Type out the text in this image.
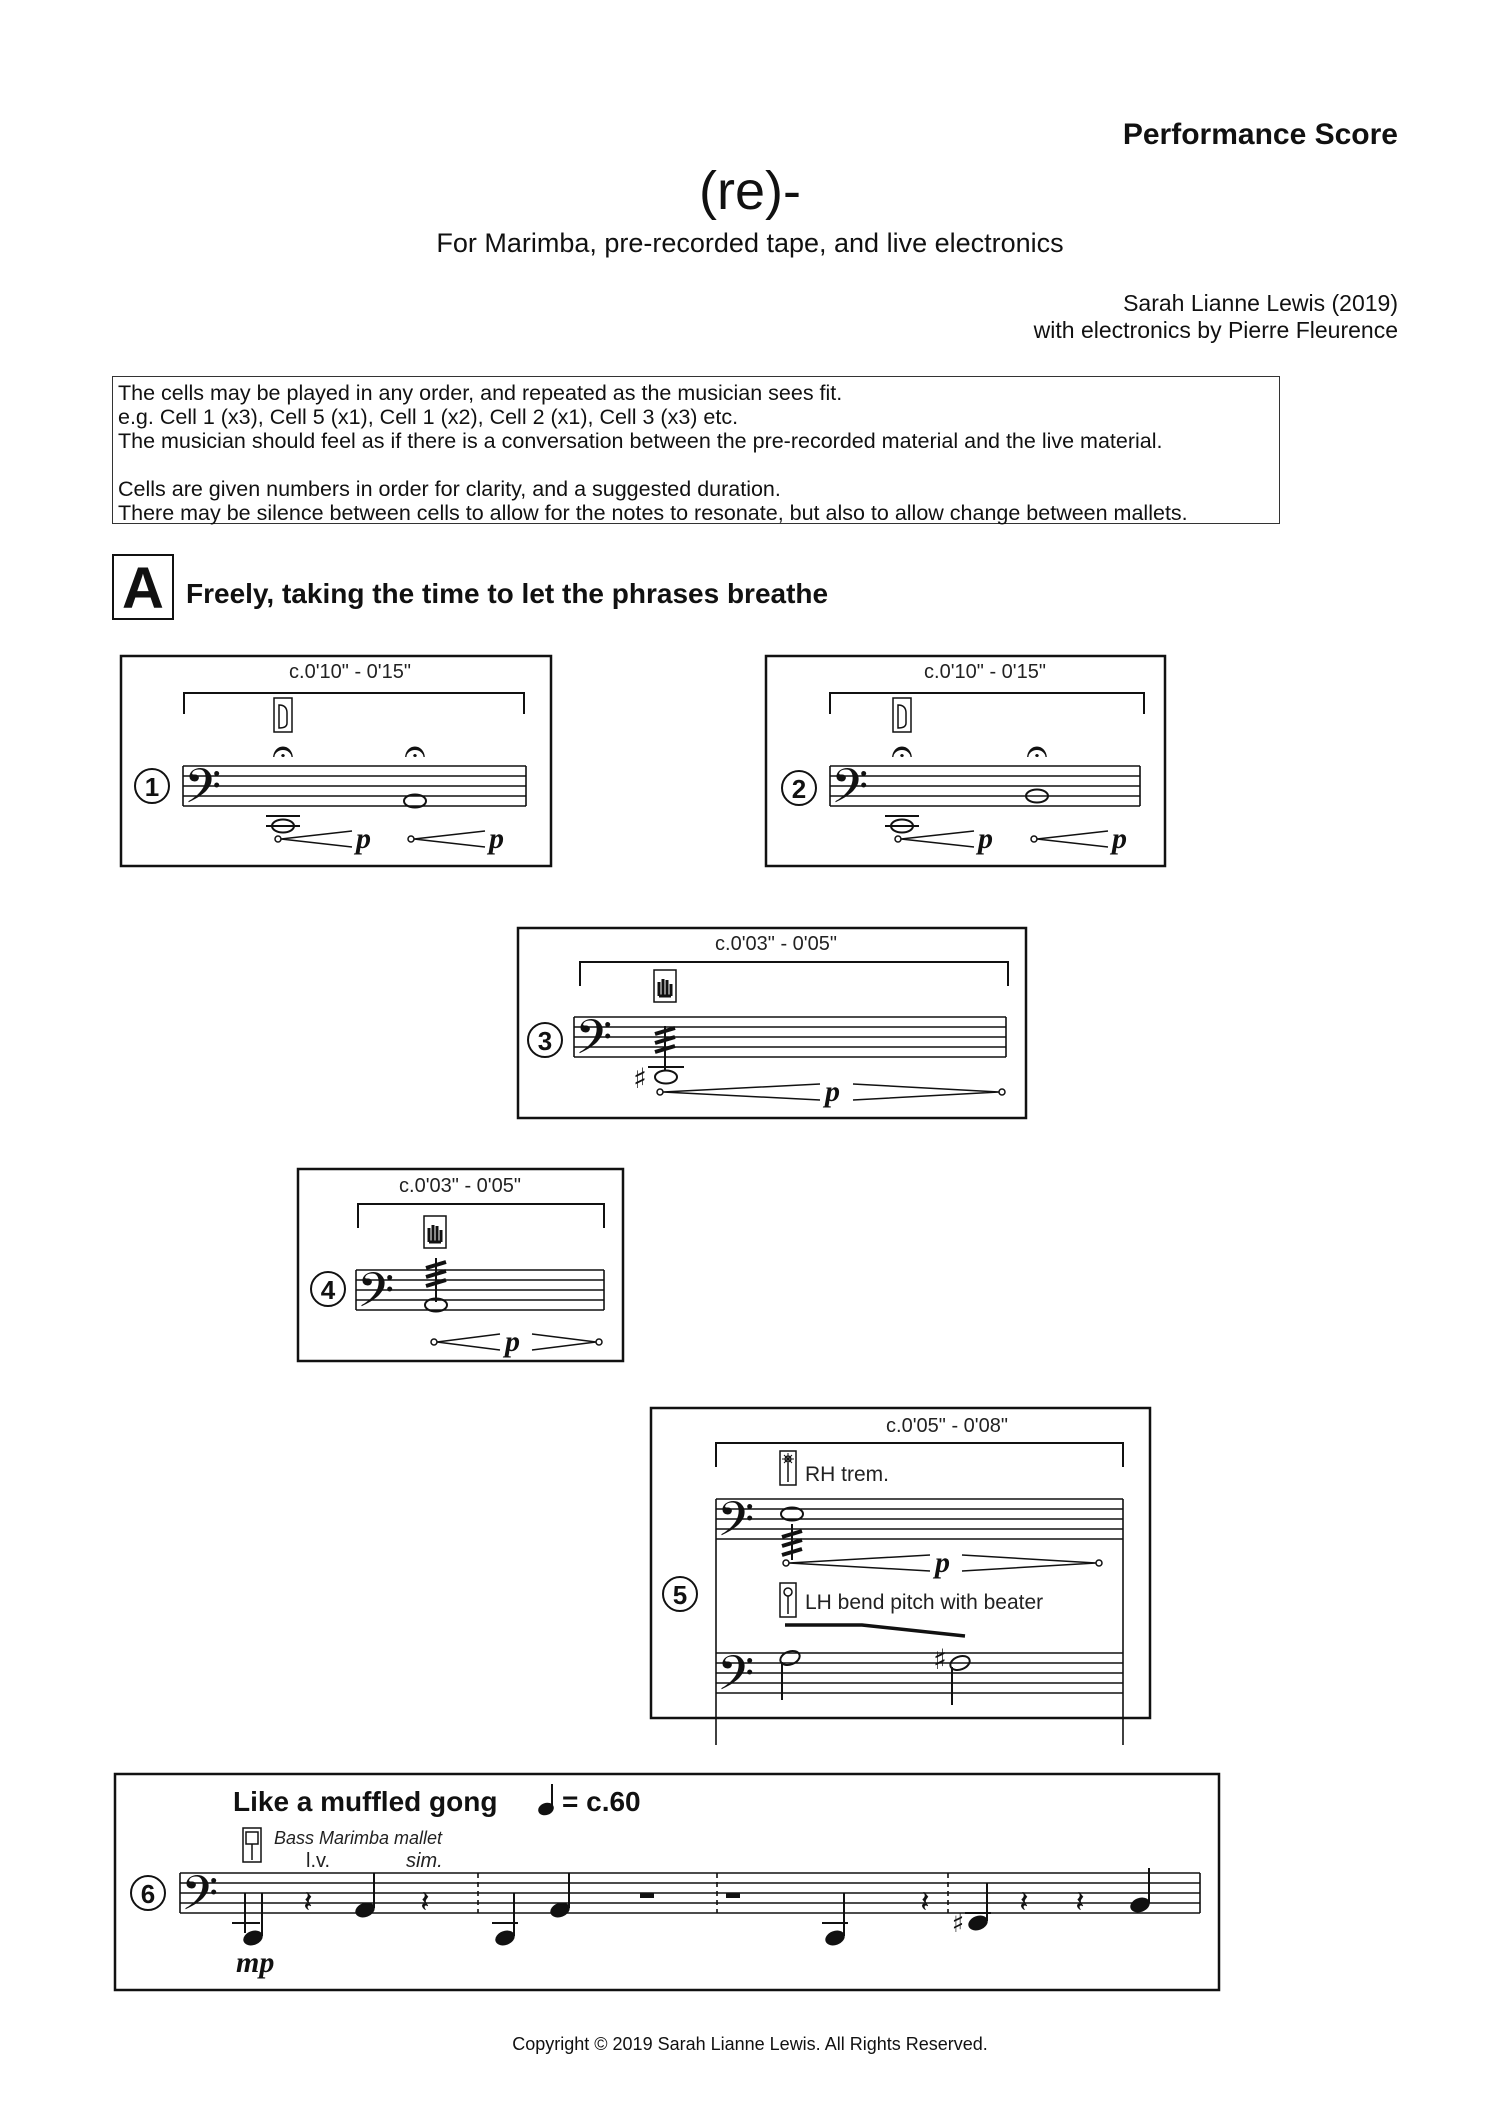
Performance Score
(re)-
For Marimba, pre-recorded tape, and live electronics
Sarah Lianne Lewis (2019)
with electronics by Pierre Fleurence

The cells may be played in any order, and repeated as the musician sees fit.

e.g. Cell 1 (x3), Cell 5 (x1), Cell 1 (x2), Cell 2 (x1), Cell 3 (x3) etc.

The musician should feel as if there is a conversation between the pre-recorded material and the live material.

Cells are given numbers in order for clarity, and a suggested duration.

There may be silence between cells to allow for the notes to resonate, but also to allow change between mallets.

A Freely, taking the time to let the phrases breathe
c.0'10" - 0'15"
1 𝄢
𝄐	𝄐
p	p
c.0'10" - 0'15"
2 𝄢
𝄐	𝄐
p	p
c.0'03" - 0'05"
3 𝄢
♯	p
c.0'03" - 0'05"
4 𝄢
p
c.0'05" - 0'08"
RH trem.
𝄢
p
5	LH bend pitch with beater
𝄢	♯
Like a muffled gong = c.60
Bass Marimba mallet
l.v.	sim.
6 𝄢	𝄽	𝄽	𝄽
♯
𝄽 𝄽
mp
Copyright © 2019 Sarah Lianne Lewis. All Rights Reserved.
